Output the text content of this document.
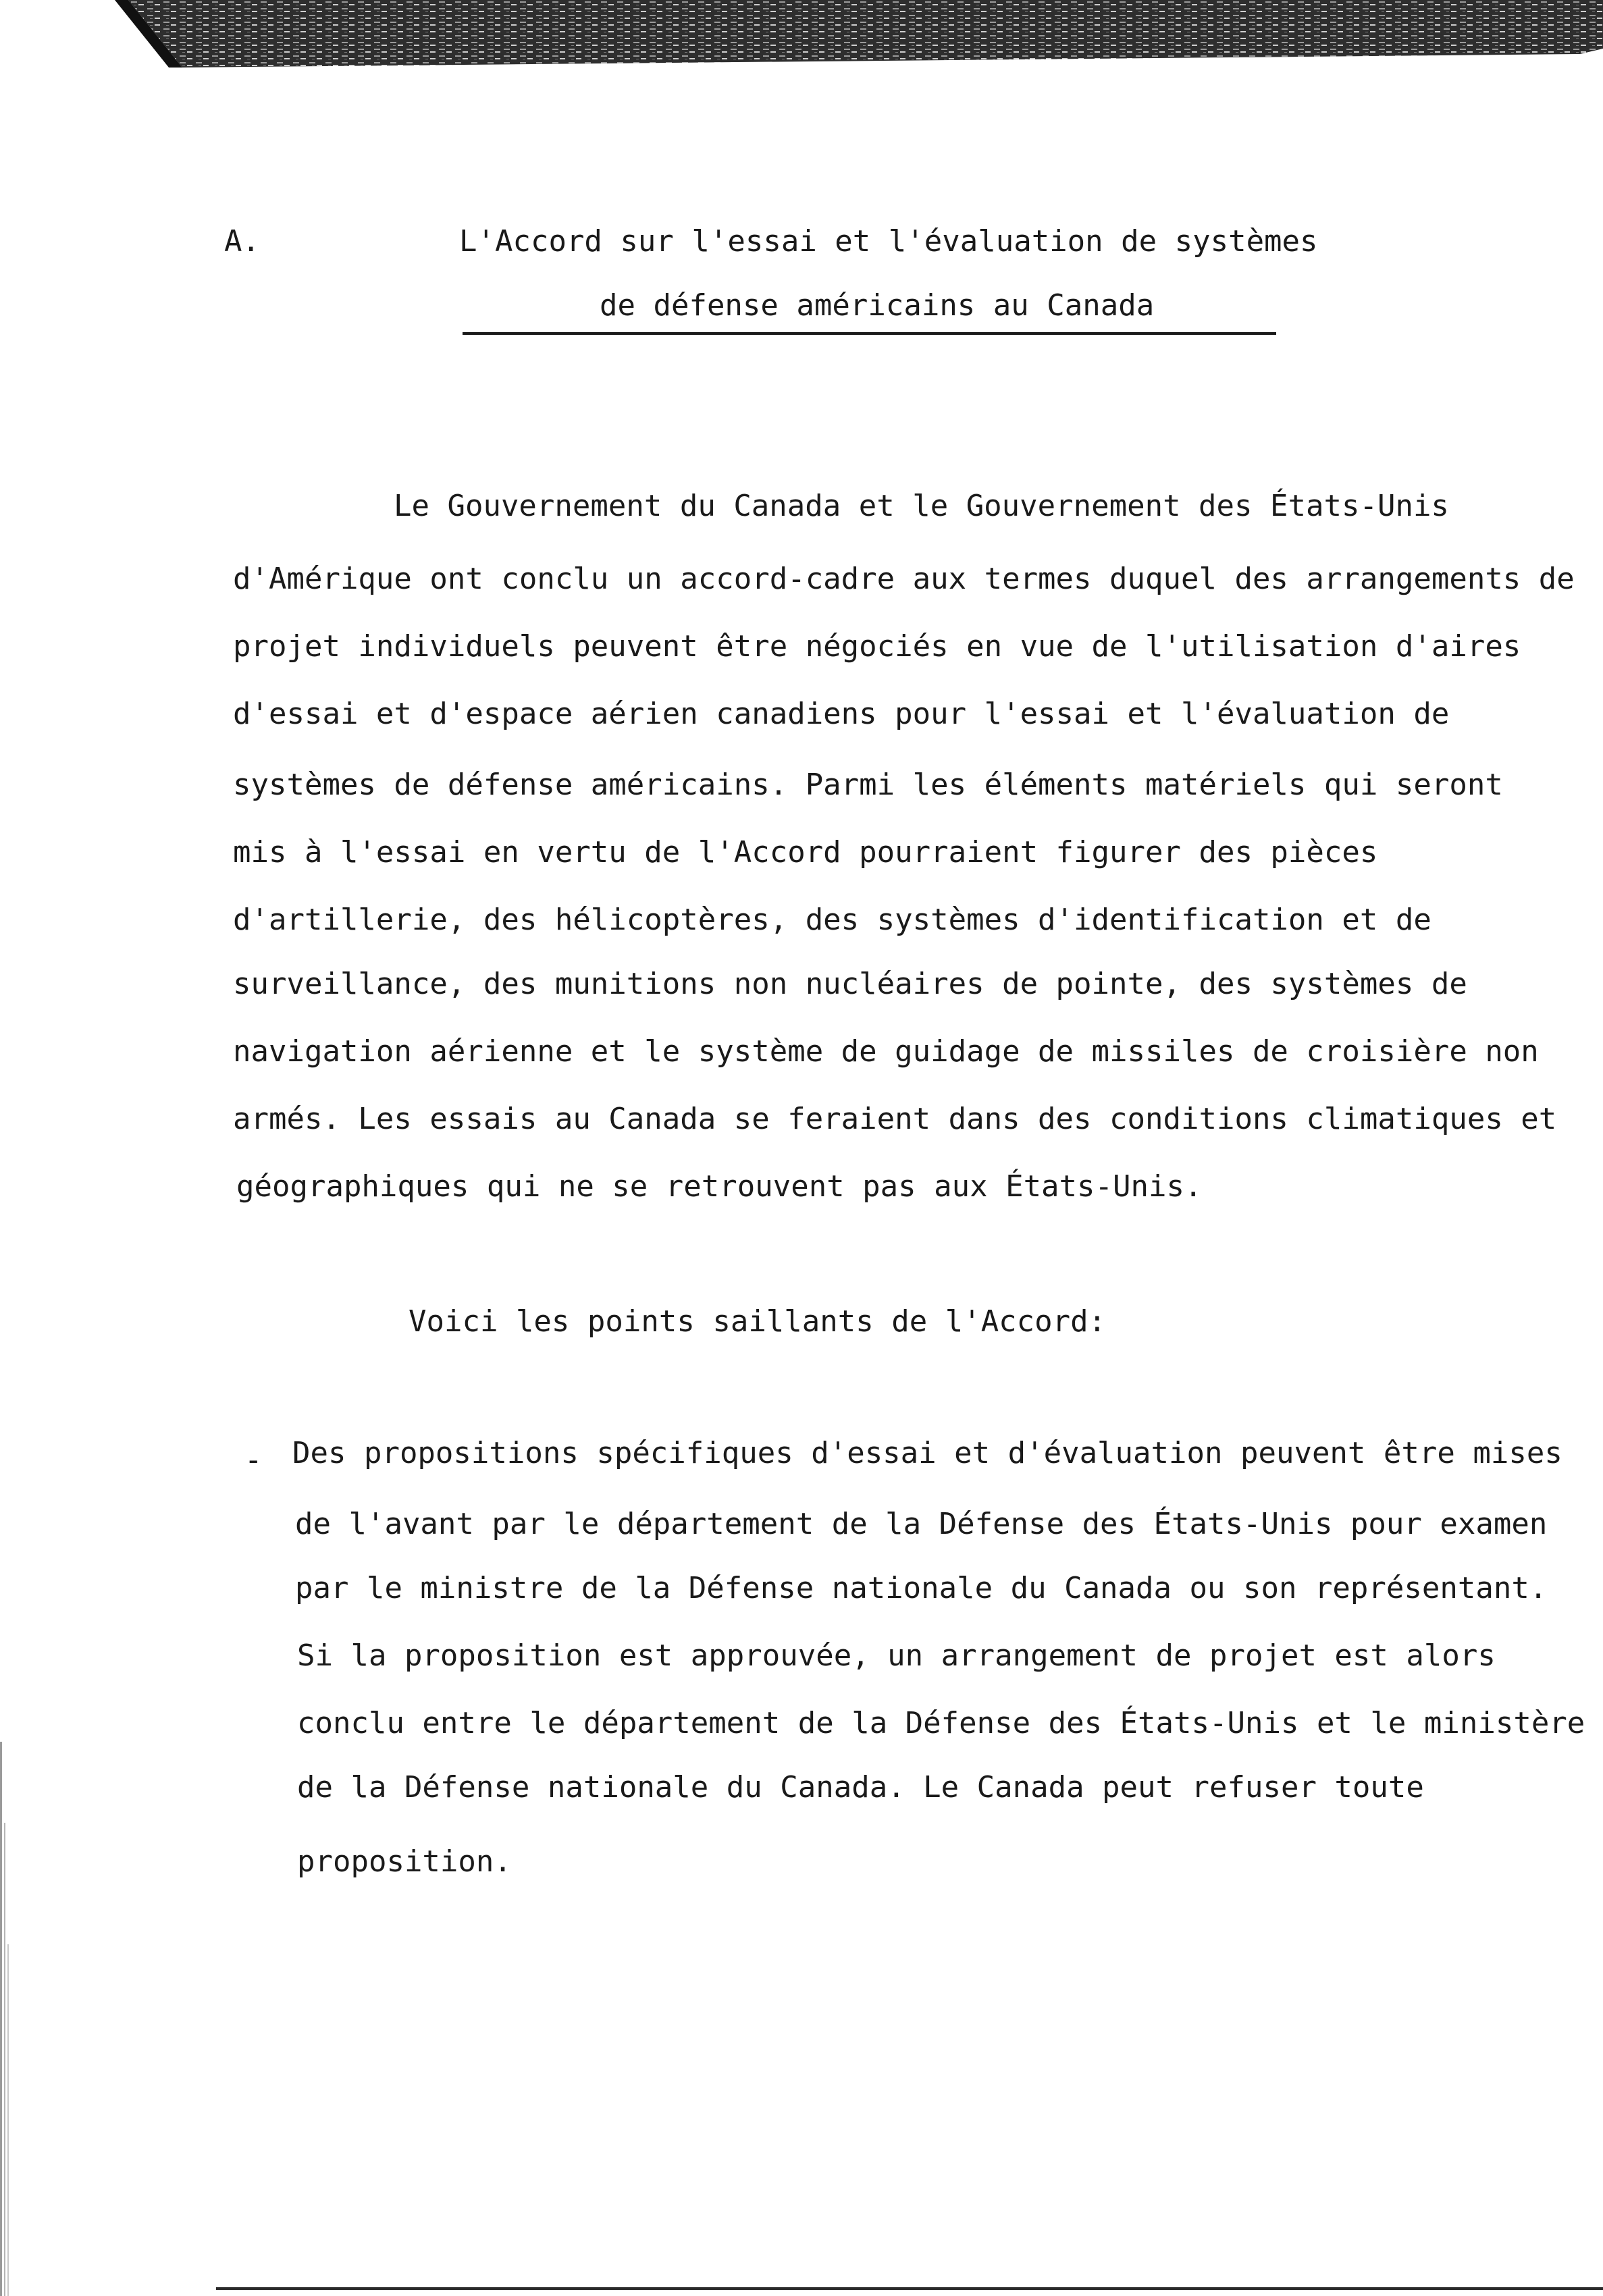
A.	L'Accord sur l'essai et l'évaluation de systèmes
de défense américains au Canada
Le Gouvernement du Canada et le Gouvernement des États-Unis
d'Amérique ont conclu un accord-cadre aux termes duquel des arrangements de
projet individuels peuvent être négociés en vue de l'utilisation d'aires
d'essai et d'espace aérien canadiens pour l'essai et l'évaluation de
systèmes de défense américains. Parmi les éléments matériels qui seront
mis à l'essai en vertu de l'Accord pourraient figurer des pièces
d'artillerie, des hélicoptères, des systèmes d'identification et de
surveillance, des munitions non nucléaires de pointe, des systèmes de
navigation aérienne et le système de guidage de missiles de croisière non
armés. Les essais au Canada se feraient dans des conditions climatiques et
géographiques qui ne se retrouvent pas aux États-Unis.
Voici les points saillants de l'Accord:
- Des propositions spécifiques d'essai et d'évaluation peuvent être mises
de l'avant par le département de la Défense des États-Unis pour examen
par le ministre de la Défense nationale du Canada ou son représentant.
Si la proposition est approuvée, un arrangement de projet est alors
conclu entre le département de la Défense des États-Unis et le ministère
de la Défense nationale du Canada. Le Canada peut refuser toute
proposition.
